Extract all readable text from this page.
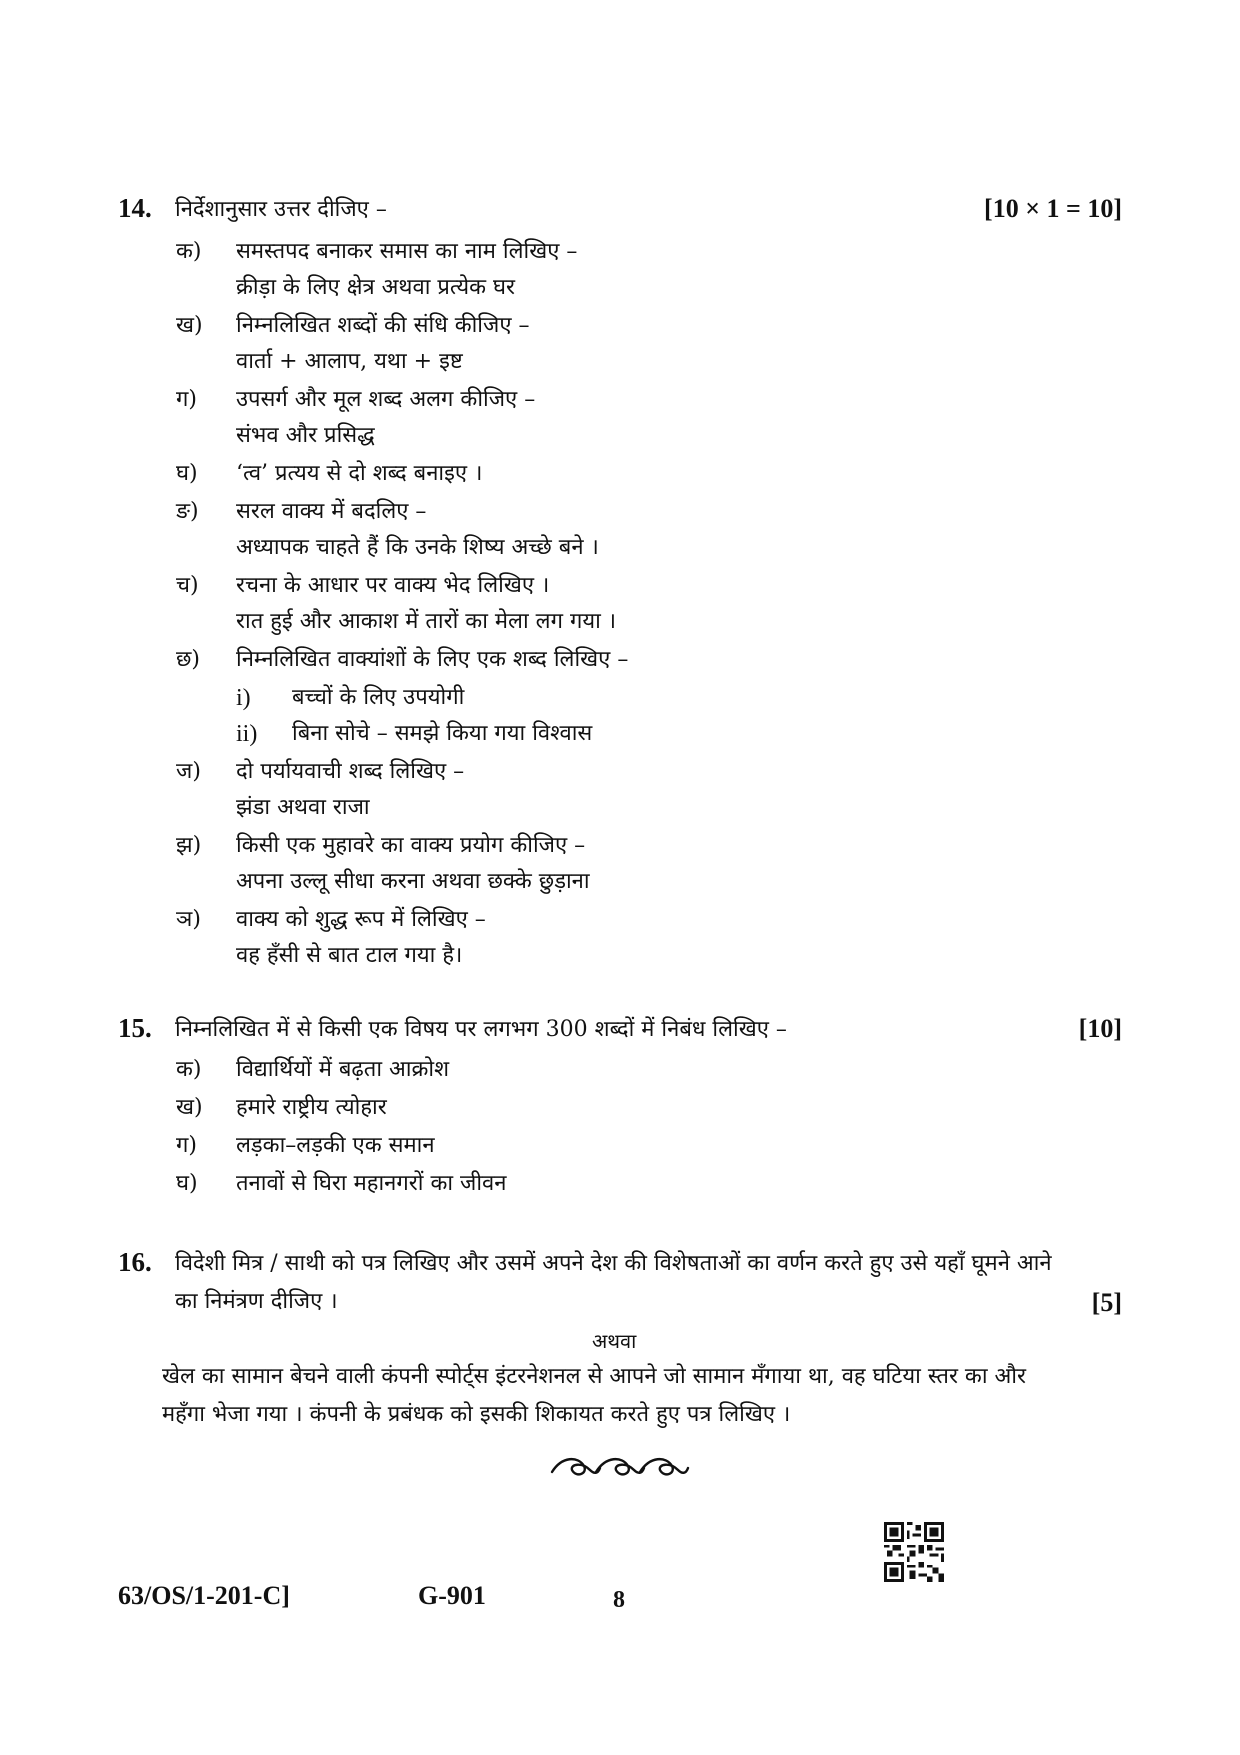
14. निर्देशानुसार उत्तर दीजिए –	[10 × 1 = 10]
क) समस्तपद बनाकर समास का नाम लिखिए –
क्रीड़ा के लिए क्षेत्र अथवा प्रत्येक घर
ख) निम्नलिखित शब्दों की संधि कीजिए –
वार्ता + आलाप, यथा + इष्ट
ग) उपसर्ग और मूल शब्द अलग कीजिए –
संभव और प्रसिद्ध
घ) ‘त्व’ प्रत्यय से दो शब्द बनाइए ।
ङ) सरल वाक्य में बदलिए –
अध्यापक चाहते हैं कि उनके शिष्य अच्छे बने ।
च) रचना के आधार पर वाक्य भेद लिखिए ।
रात हुई और आकाश में तारों का मेला लग गया ।
छ) निम्नलिखित वाक्यांशों के लिए एक शब्द लिखिए –
i) बच्चों के लिए उपयोगी
ii) बिना सोचे – समझे किया गया विश्वास
ज) दो पर्यायवाची शब्द लिखिए –
झंडा अथवा राजा
झ) किसी एक मुहावरे का वाक्य प्रयोग कीजिए –
अपना उल्लू सीधा करना अथवा छक्के छुड़ाना
ञ) वाक्य को शुद्ध रूप में लिखिए –
वह हँसी से बात टाल गया है।
15. निम्नलिखित में से किसी एक विषय पर लगभग 300 शब्दों में निबंध लिखिए –	[10]
क) विद्यार्थियों में बढ़ता आक्रोश
ख) हमारे राष्ट्रीय त्योहार
ग) लड़का–लड़की एक समान
घ) तनावों से घिरा महानगरों का जीवन
16. विदेशी मित्र / साथी को पत्र लिखिए और उसमें अपने देश की विशेषताओं का वर्णन करते हुए उसे यहाँ घूमने आने
का निमंत्रण दीजिए ।	[5]
अथवा
खेल का सामान बेचने वाली कंपनी स्पोर्ट्स इंटरनेशनल से आपने जो सामान मँगाया था, वह घटिया स्तर का और
महँगा भेजा गया । कंपनी के प्रबंधक को इसकी शिकायत करते हुए पत्र लिखिए ।
63/OS/1-201-C]	G-901	8
